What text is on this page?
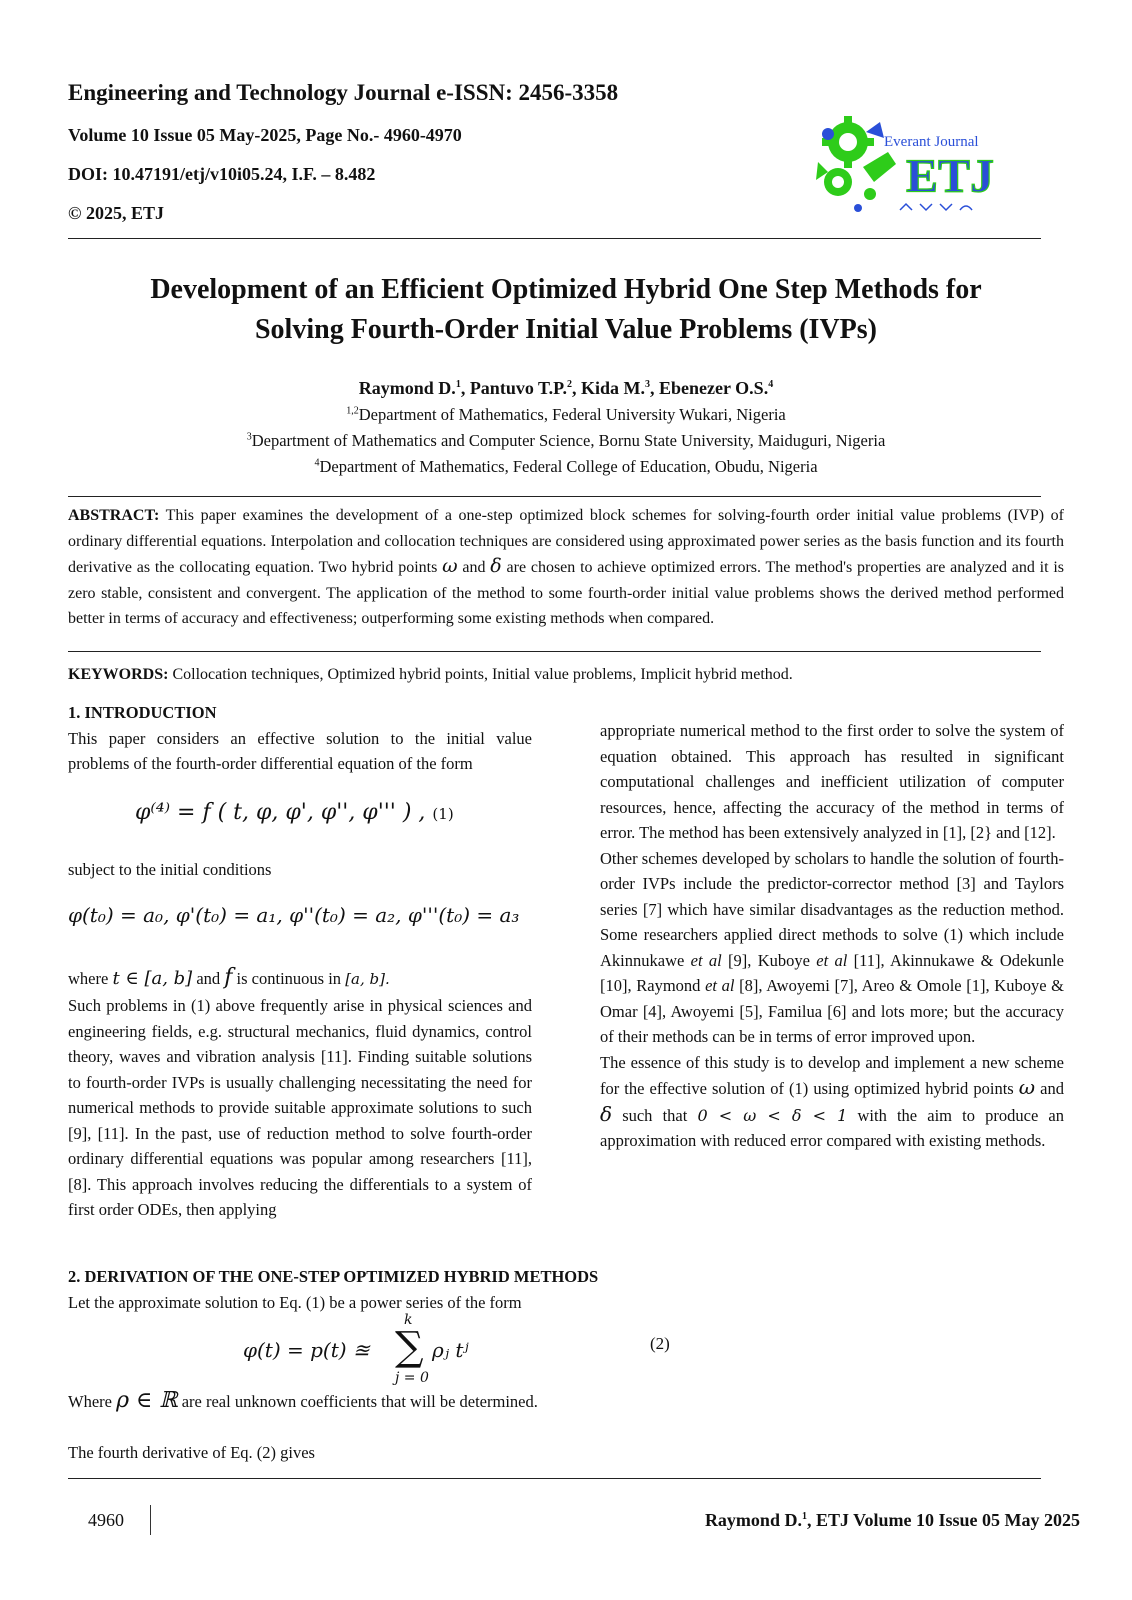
Engineering and Technology Journal e-ISSN: 2456-3358
Volume 10 Issue 05 May-2025, Page No.- 4960-4970
DOI: 10.47191/etj/v10i05.24, I.F. – 8.482
© 2025, ETJ
Everant Journal
ETJ
Development of an Efficient Optimized Hybrid One Step Methods for
Solving Fourth-Order Initial Value Problems (IVPs)
Raymond D.$^1$, Pantuvo T.P.$^2$, Kida M.$^3$, Ebenezer O.S.$^4$
$^{1,2}$Department of Mathematics, Federal University Wukari, Nigeria
$^3$Department of Mathematics and Computer Science, Bornu State University, Maiduguri, Nigeria
$^4$Department of Mathematics, Federal College of Education, Obudu, Nigeria
ABSTRACT: This paper examines the development of a one-step optimized block schemes for solving-fourth order initial value problems (IVP) of ordinary differential equations. Interpolation and collocation techniques are considered using approximated power series as the basis function and its fourth derivative as the collocating equation. Two hybrid points ω and δ are chosen to achieve optimized errors. The method's properties are analyzed and it is zero stable, consistent and convergent. The application of the method to some fourth-order initial value problems shows the derived method performed better in terms of accuracy and effectiveness; outperforming some existing methods when compared.
KEYWORDS: Collocation techniques, Optimized hybrid points, Initial value problems, Implicit hybrid method.
1. INTRODUCTION
This paper considers an effective solution to the initial value problems of the fourth-order differential equation of the form
φ⁽⁴⁾ = f ( t, φ, φ', φ'', φ''' ) , (1)
subject to the initial conditions
φ(t₀) = a₀, φ'(t₀) = a₁, φ''(t₀) = a₂, φ'''(t₀) = a₃
where t ∈ [a, b] and f is continuous in [a, b].
Such problems in (1) above frequently arise in physical sciences and engineering fields, e.g. structural mechanics, fluid dynamics, control theory, waves and vibration analysis [11]. Finding suitable solutions to fourth-order IVPs is usually challenging necessitating the need for numerical methods to provide suitable approximate solutions to such [9], [11]. In the past, use of reduction method to solve fourth-order ordinary differential equations was popular among researchers [11], [8]. This approach involves reducing the differentials to a system of first order ODEs, then applying
appropriate numerical method to the first order to solve the system of equation obtained. This approach has resulted in significant computational challenges and inefficient utilization of computer resources, hence, affecting the accuracy of the method in terms of error. The method has been extensively analyzed in [1], [2} and [12].
Other schemes developed by scholars to handle the solution of fourth-order IVPs include the predictor-corrector method [3] and Taylors series [7] which have similar disadvantages as the reduction method. Some researchers applied direct methods to solve (1) which include Akinnukawe et al [9], Kuboye et al [11], Akinnukawe & Odekunle [10], Raymond et al [8], Awoyemi [7], Areo & Omole [1], Kuboye & Omar [4], Awoyemi [5], Familua [6] and lots more; but the accuracy of their methods can be in terms of error improved upon.
The essence of this study is to develop and implement a new scheme for the effective solution of (1) using optimized hybrid points ω and δ such that 0 < ω < δ < 1 with the aim to produce an approximation with reduced error compared with existing methods.
2. DERIVATION OF THE ONE-STEP OPTIMIZED HYBRID METHODS
Let the approximate solution to Eq. (1) be a power series of the form
φ(t) = p(t) ≊
k
∑
j = 0
ρⱼ tʲ	(2)
Where ρ ∈ ℝ are real unknown coefficients that will be determined.
The fourth derivative of Eq. (2) gives
4960	Raymond D.$^1$, ETJ Volume 10 Issue 05 May 2025
